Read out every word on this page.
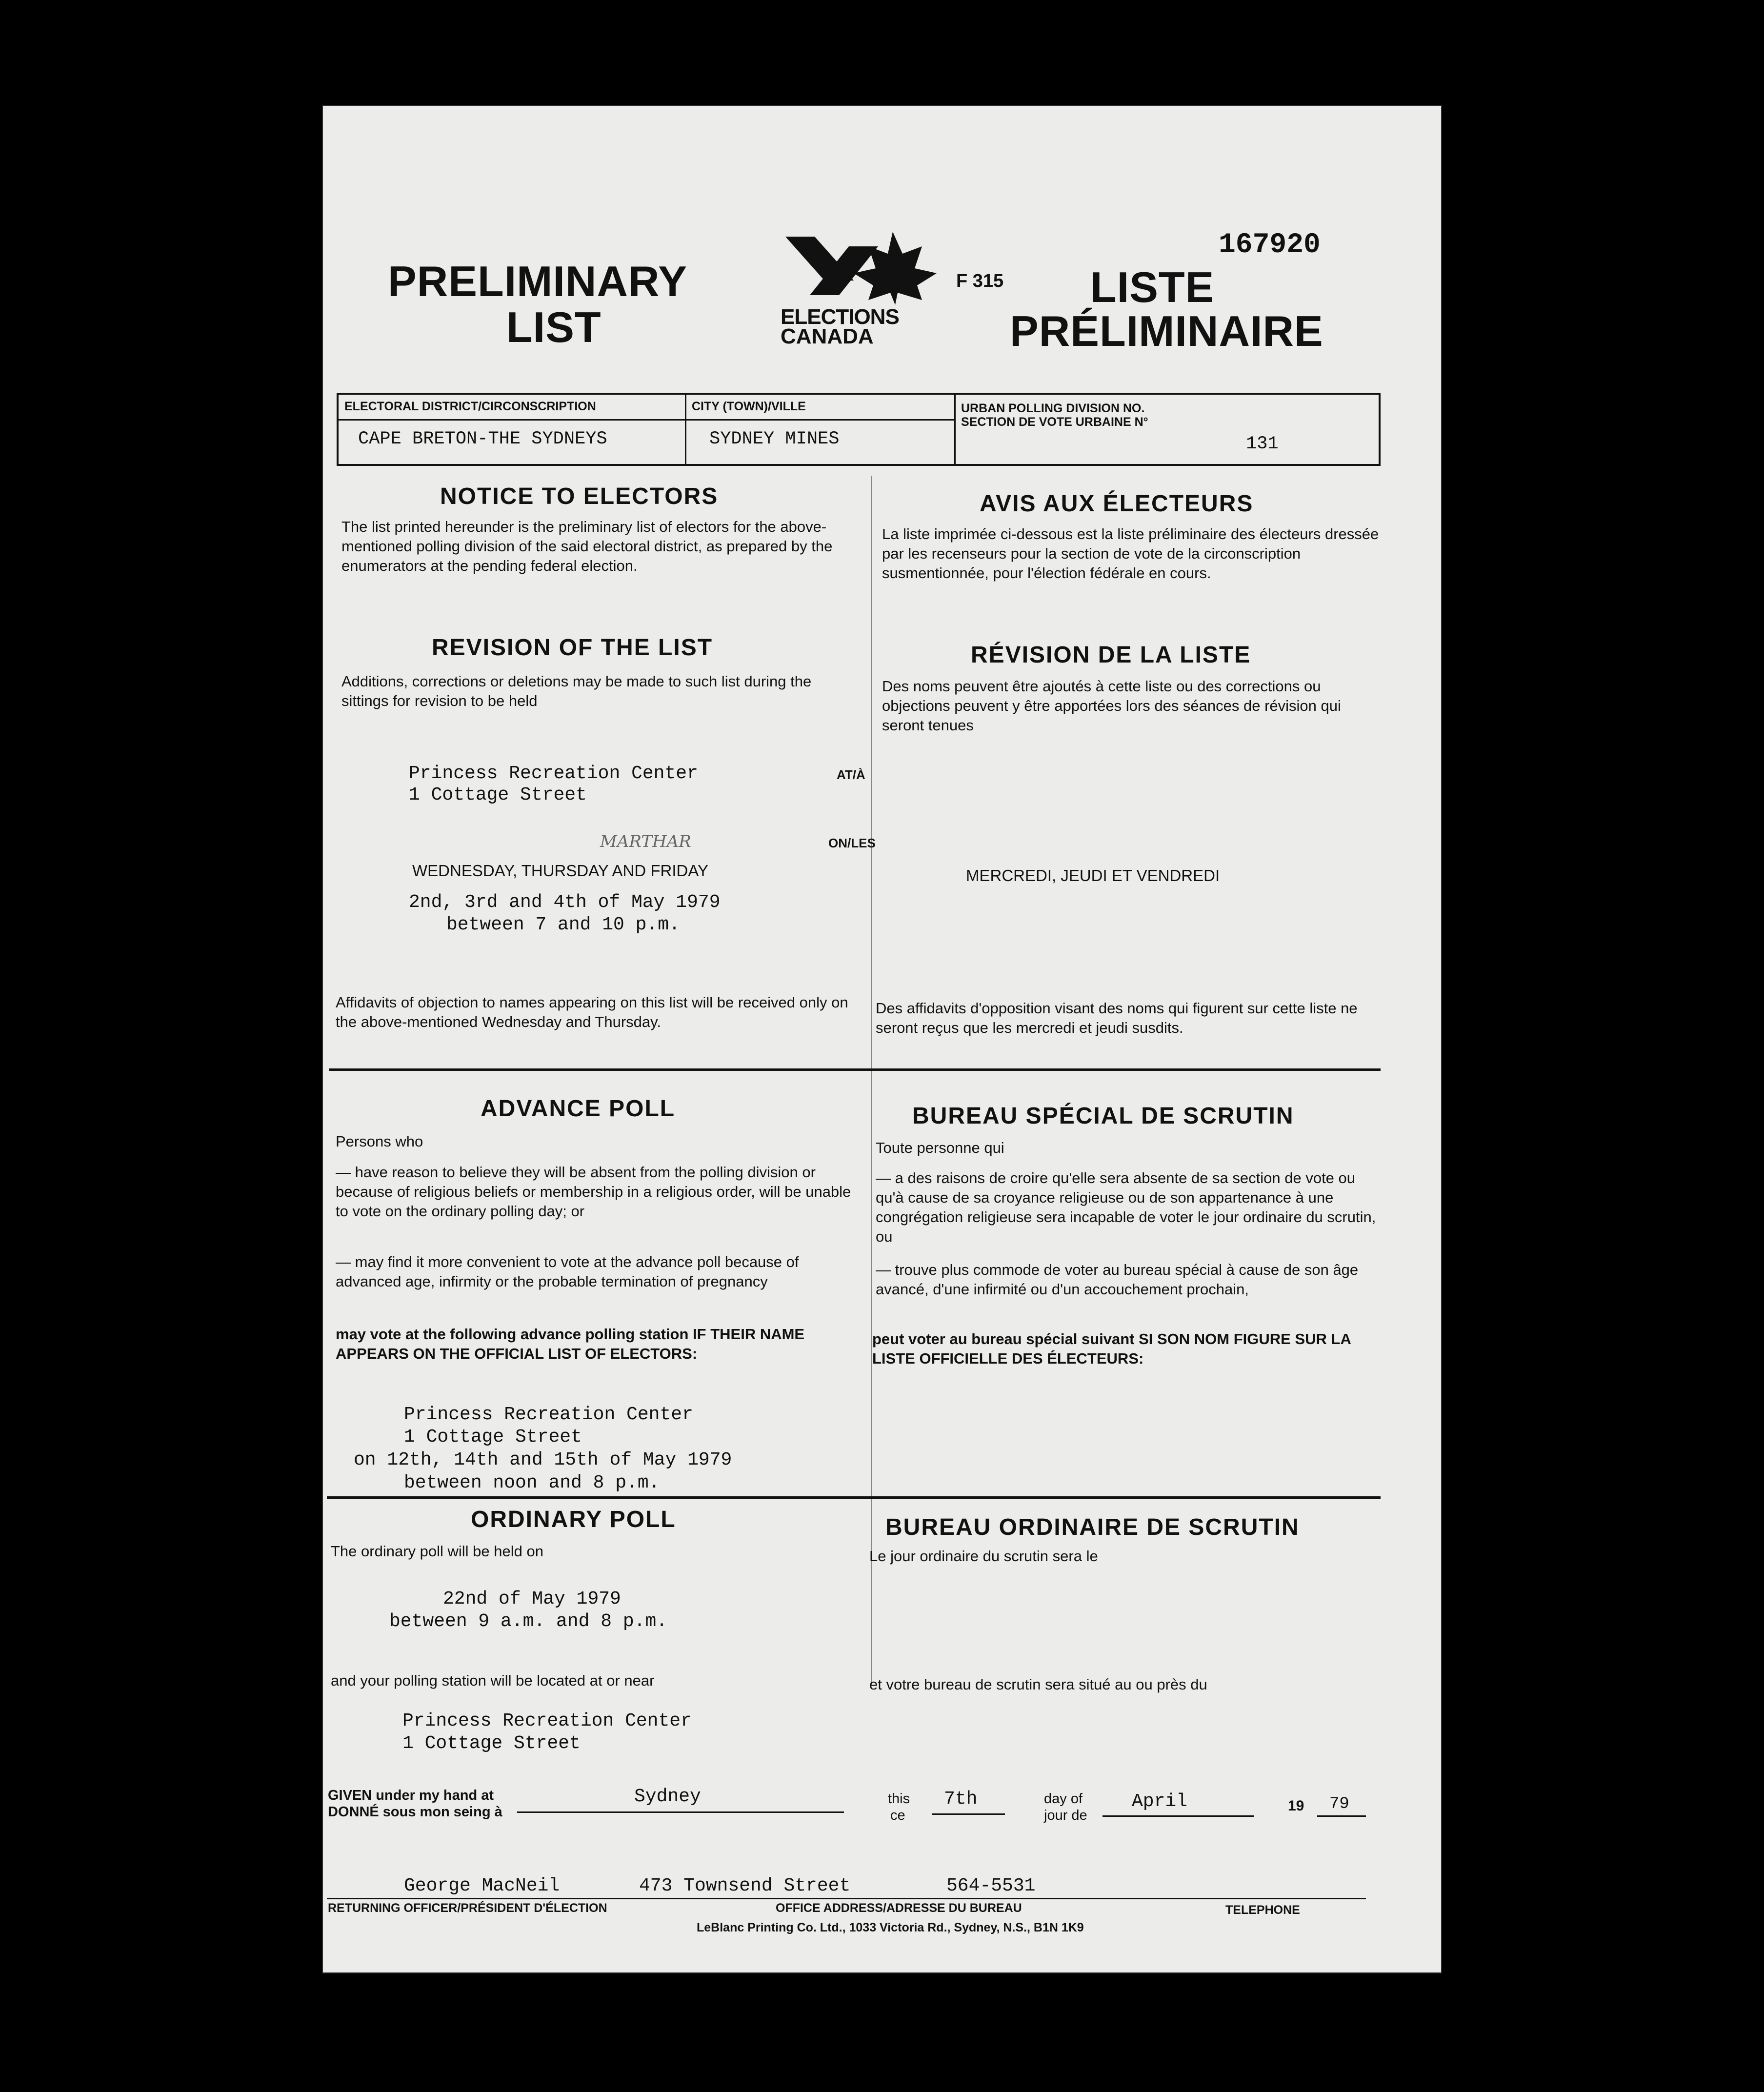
167920
PRELIMINARY
LIST	ELECTIONS
CANADA
F 315 LISTE
PRÉLIMINAIRE
ELECTORAL DISTRICT/CIRCONSCRIPTION
CAPE BRETON-THE SYDNEYS
CITY (TOWN)/VILLE
SYDNEY MINES
URBAN POLLING DIVISION NO.
SECTION DE VOTE URBAINE N°
131
NOTICE TO ELECTORS
The list printed hereunder is the preliminary list of electors for the above-mentioned polling division of the said electoral district, as prepared by the enumerators at the pending federal election.
AVIS AUX ÉLECTEURS
La liste imprimée ci-dessous est la liste préliminaire des électeurs dressée par les recenseurs pour la section de vote de la circonscription susmentionnée, pour l'élection fédérale en cours.
REVISION OF THE LIST
Additions, corrections or deletions may be made to such list during the sittings for revision to be held
RÉVISION DE LA LISTE
Des noms peuvent être ajoutés à cette liste ou des corrections ou objections peuvent y être apportées lors des séances de révision qui seront tenues
Princess Recreation Center
1 Cottage Street
AT/À
ON/LES
MARTHAR
WEDNESDAY, THURSDAY AND FRIDAY	MERCREDI, JEUDI ET VENDREDI
2nd, 3rd and 4th of May 1979
between 7 and 10 p.m.
Affidavits of objection to names appearing on this list will be received only on the above-mentioned Wednesday and Thursday.
Des affidavits d'opposition visant des noms qui figurent sur cette liste ne seront reçus que les mercredi et jeudi susdits.
ADVANCE POLL	BUREAU SPÉCIAL DE SCRUTIN
Persons who	Toute personne qui
— have reason to believe they will be absent from the polling division or because of religious beliefs or membership in a religious order, will be unable to vote on the ordinary polling day; or
— may find it more convenient to vote at the advance poll because of advanced age, infirmity or the probable termination of pregnancy
— a des raisons de croire qu'elle sera absente de sa section de vote ou qu'à cause de sa croyance religieuse ou de son appartenance à une congrégation religieuse sera incapable de voter le jour ordinaire du scrutin, ou
— trouve plus commode de voter au bureau spécial à cause de son âge avancé, d'une infirmité ou d'un accouchement prochain,
may vote at the following advance polling station IF THEIR NAME APPEARS ON THE OFFICIAL LIST OF ELECTORS:
peut voter au bureau spécial suivant SI SON NOM FIGURE SUR LA LISTE OFFICIELLE DES ÉLECTEURS:
Princess Recreation Center
1 Cottage Street
on 12th, 14th and 15th of May 1979
between noon and 8 p.m.
ORDINARY POLL	BUREAU ORDINAIRE DE SCRUTIN
The ordinary poll will be held on	Le jour ordinaire du scrutin sera le
22nd of May 1979
between 9 a.m. and 8 p.m.
and your polling station will be located at or near	et votre bureau de scrutin sera situé au ou près du
Princess Recreation Center
1 Cottage Street
GIVEN under my hand at
DONNÉ sous mon seing à
Sydney	this
ce
7th	day of
jour de
April	19 79
George MacNeil	473 Townsend Street	564-5531
RETURNING OFFICER/PRÉSIDENT D'ÉLECTION	OFFICE ADDRESS/ADRESSE DU BUREAU	TELEPHONE
LeBlanc Printing Co. Ltd., 1033 Victoria Rd., Sydney, N.S., B1N 1K9
